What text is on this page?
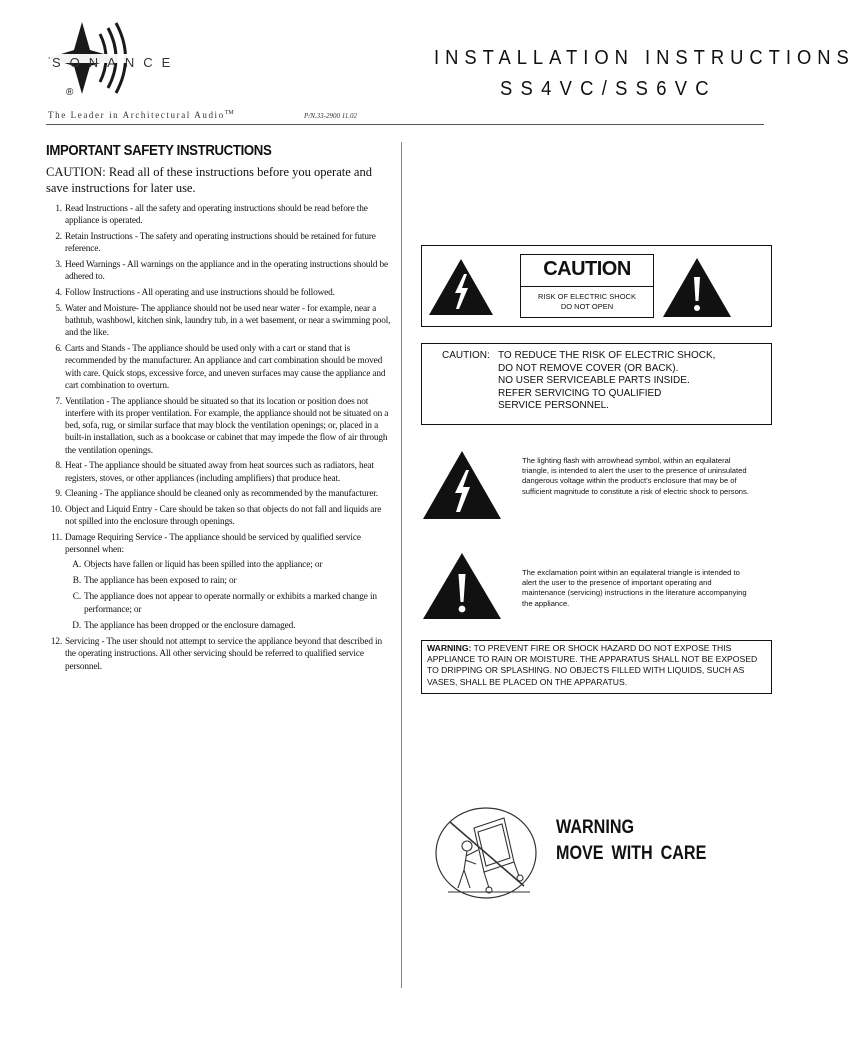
SONANCE
®
The Leader in Architectural Audio™	P/N.33-2900 11.02
INSTALLATION INSTRUCTIONS
SS4VC/SS6VC
IMPORTANT SAFETY INSTRUCTIONS
CAUTION: Read all of these instructions before you operate and save instructions for later use.
1. Read Instructions - all the safety and operating instructions should be read before the appliance is operated.
2. Retain Instructions - The safety and operating instructions should be retained for future reference.
3. Heed Warnings - All warnings on the appliance and in the operating instructions should be adhered to.
4. Follow Instructions - All operating and use instructions should be followed.
5. Water and Moisture- The appliance should not be used near water - for example, near a bathtub, washbowl, kitchen sink, laundry tub, in a wet basement, or near a swimming pool, and the like.
6. Carts and Stands - The appliance should be used only with a cart or stand that is recommended by the manufacturer. An appliance and cart combination should be moved with care. Quick stops, excessive force, and uneven surfaces may cause the appliance and cart combination to overturn.
7. Ventilation - The appliance should be situated so that its location or position does not interfere with its proper ventilation. For example, the appliance should not be situated on a bed, sofa, rug, or similar surface that may block the ventilation openings; or, placed in a built-in installation, such as a bookcase or cabinet that may impede the flow of air through the ventilation openings.
8. Heat - The appliance should be situated away from heat sources such as radiators, heat registers, stoves, or other appliances (including amplifiers) that produce heat.
9. Cleaning - The appliance should be cleaned only as recommended by the manufacturer.
10. Object and Liquid Entry - Care should be taken so that objects do not fall and liquids are not spilled into the enclosure through openings.
11. Damage Requiring Service - The appliance should be serviced by qualified service personnel when:
A. Objects have fallen or liquid has been spilled into the appliance; or
B. The appliance has been exposed to rain; or
C. The appliance does not appear to operate normally or exhibits a marked change in performance; or
D. The appliance has been dropped or the enclosure damaged.
12. Servicing - The user should not attempt to service the appliance beyond that described in the operating instructions. All other servicing should be referred to qualified service personnel.
CAUTION
RISK OF ELECTRIC SHOCK
DO NOT OPEN
CAUTION: TO REDUCE THE RISK OF ELECTRIC SHOCK,
DO NOT REMOVE COVER (OR BACK).
NO USER SERVICEABLE PARTS INSIDE.
REFER SERVICING TO QUALIFIED
SERVICE PERSONNEL.
The lighting flash with arrowhead symbol, within an equilateral triangle, is intended to alert the user to the presence of uninsulated dangerous voltage within the product's enclosure that may be of sufficient magnitude to constitute a risk of electric shock to persons.
The exclamation point within an equilateral triangle is intended to alert the user to the presence of important operating and maintenance (servicing) instructions in the literature accompanying the appliance.
WARNING: TO PREVENT FIRE OR SHOCK HAZARD DO NOT EXPOSE THIS APPLIANCE TO RAIN OR MOISTURE. THE APPARATUS SHALL NOT BE EXPOSED TO DRIPPING OR SPLASHING. NO OBJECTS FILLED WITH LIQUIDS, SUCH AS VASES, SHALL BE PLACED ON THE APPARATUS.
WARNING
MOVE WITH CARE
